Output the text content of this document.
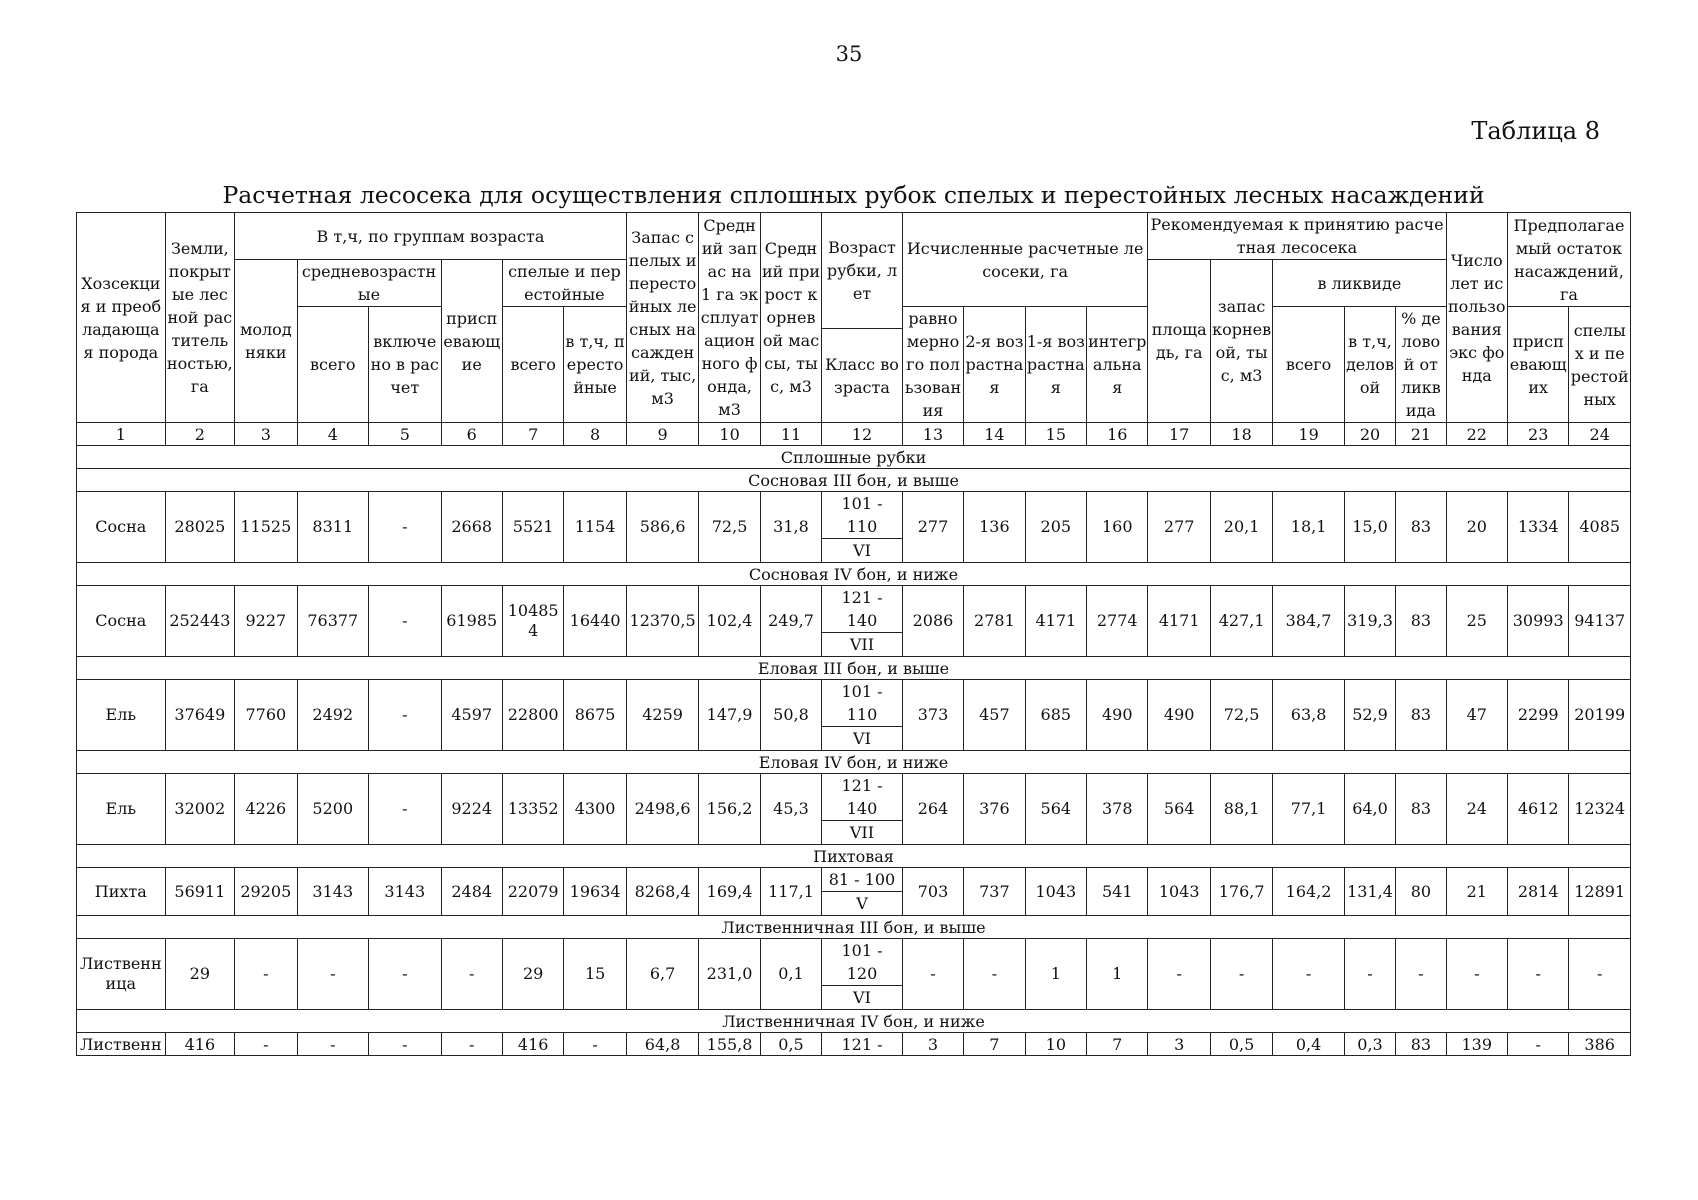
35
Таблица 8
Расчетная лесосека для осуществления сплошных рубок спелых и перестойных лесных насаждений
Хозсекция и преобладающая порода	Земли, покрытые лесной растительностью, га	В т,ч, по группам возраста						Запас спелых и перестойных лесных насаждений, тыс, м3	Средний запас на 1 га эксплуатационного фонда, м3	Средний прирост корневой массы, тыс, м3	Возраст рубки, лет	Исчисленные расчетные лесосеки, га				Рекомендуемая к принятию расчетная лесосека					Число лет использования экс фонда	Предполагаемый остаток насаждений, га	
		молодняки	средневозрастные		приспевающие	спелые и перестойные										площадь, га	запас корневой, тыс, м3	в ликвиде					
			всего	включено в расчет		всего	в т,ч, перестойные					равномерного пользования	2-я возрастная	1-я возрастная	интегральная			всего	в т,ч, деловой	% деловой от ликвида		приспевающих	спелых и перестойных
											Класс возраста												
1	2	3	4	5	6	7	8	9	10	11	12	13	14	15	16	17	18	19	20	21	22	23	24
Сплошные рубки																							
Сосновая III бон, и выше																							
Сосна	28025	11525	8311	-	2668	5521	1154	586,6	72,5	31,8	101 -	277	136	205	160	277	20,1	18,1	15,0	83	20	1334	4085
											110												
											VI												
Сосновая IV бон, и ниже																							
Сосна	252443	9227	76377	-	61985	104854	16440	12370,5	102,4	249,7	121 -	2086	2781	4171	2774	4171	427,1	384,7	319,3	83	25	30993	94137
											140												
											VII												
Еловая III бон, и выше																							
Ель	37649	7760	2492	-	4597	22800	8675	4259	147,9	50,8	101 -	373	457	685	490	490	72,5	63,8	52,9	83	47	2299	20199
											110												
											VI												
Еловая IV бон, и ниже																							
Ель	32002	4226	5200	-	9224	13352	4300	2498,6	156,2	45,3	121 -	264	376	564	378	564	88,1	77,1	64,0	83	24	4612	12324
											140												
											VII												
Пихтовая																							
Пихта	56911	29205	3143	3143	2484	22079	19634	8268,4	169,4	117,1	81 - 100	703	737	1043	541	1043	176,7	164,2	131,4	80	21	2814	12891
											V												
Лиственничная III бон, и выше																							
Лиственница	29	-	-	-	-	29	15	6,7	231,0	0,1	101 -	-	-	1	1	-	-	-	-	-	-	-	-
											120												
											VI												
Лиственничная IV бон, и ниже																							
Лиственн	416	-	-	-	-	416	-	64,8	155,8	0,5	121 -	3	7	10	7	3	0,5	0,4	0,3	83	139	-	386
